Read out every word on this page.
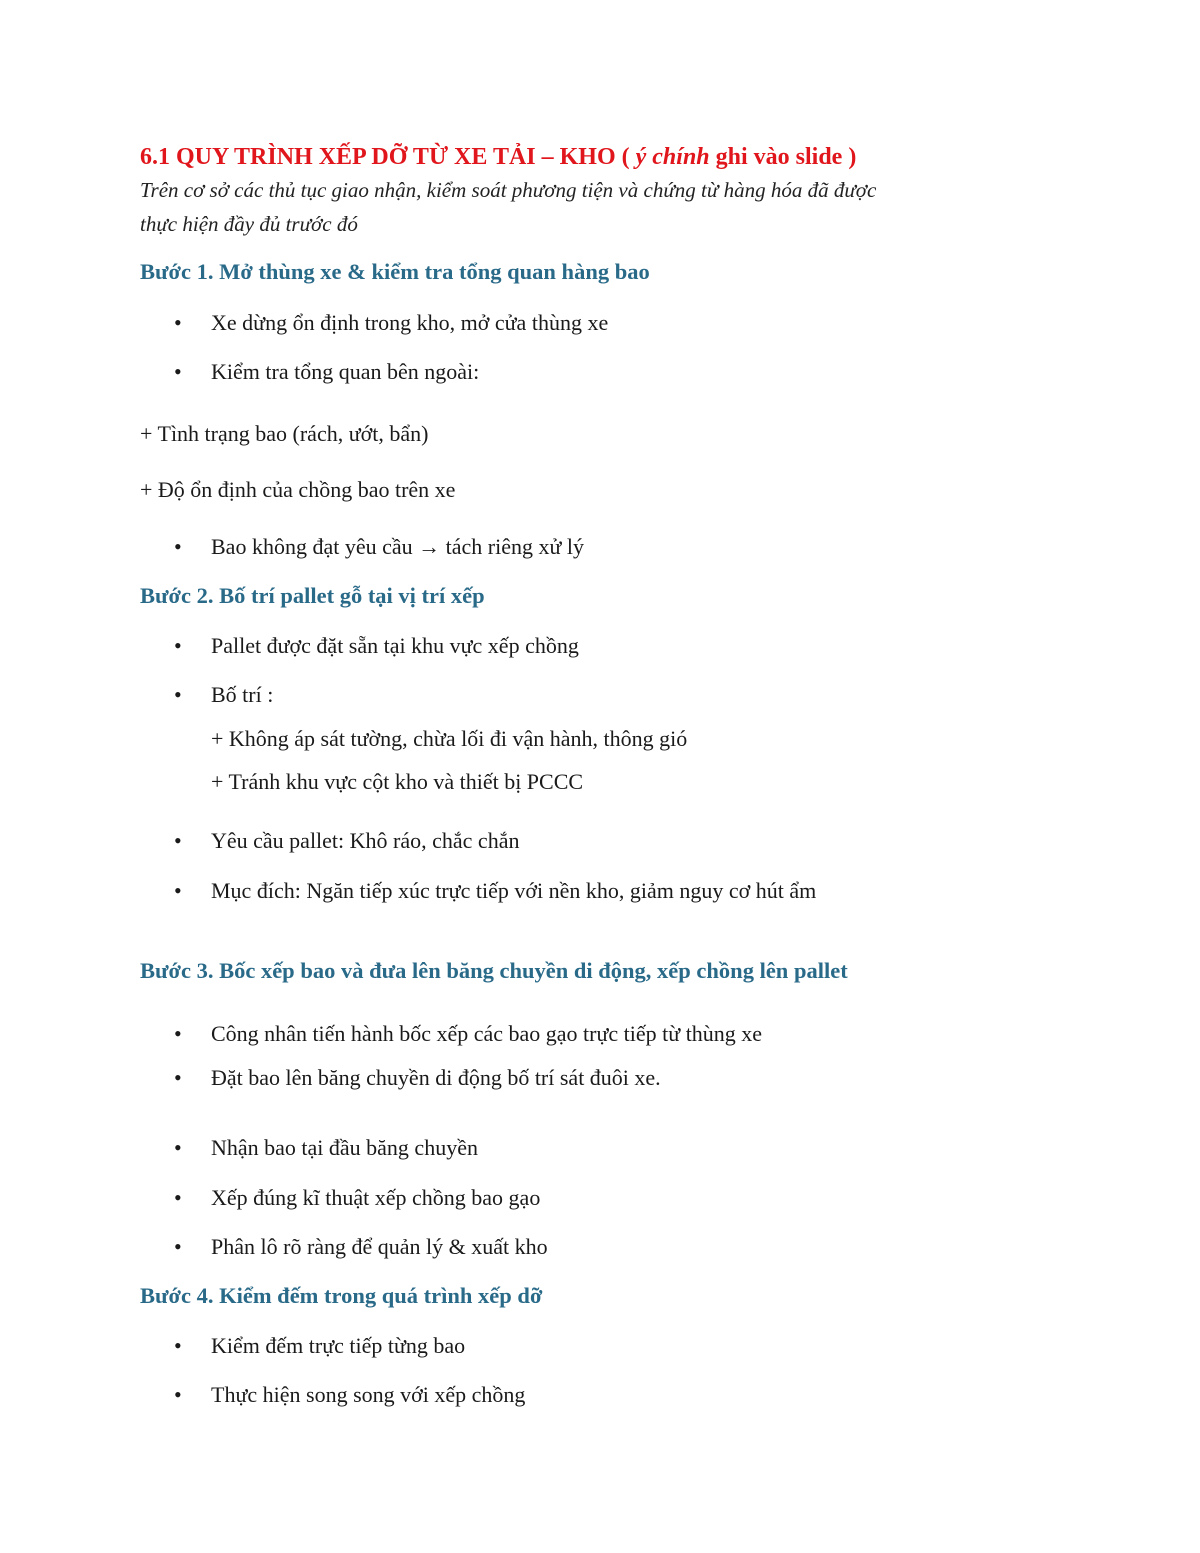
6.1 QUY TRÌNH XẾP DỠ TỪ XE TẢI – KHO ( ý chính ghi vào slide )
Trên cơ sở các thủ tục giao nhận, kiểm soát phương tiện và chứng từ hàng hóa đã được
thực hiện đầy đủ trước đó
Bước 1. Mở thùng xe & kiểm tra tổng quan hàng bao
• Xe dừng ổn định trong kho, mở cửa thùng xe
• Kiểm tra tổng quan bên ngoài:
+ Tình trạng bao (rách, ướt, bẩn)
+ Độ ổn định của chồng bao trên xe
• Bao không đạt yêu cầu → tách riêng xử lý
Bước 2. Bố trí pallet gỗ tại vị trí xếp
• Pallet được đặt sẵn tại khu vực xếp chồng
• Bố trí :
+ Không áp sát tường, chừa lối đi vận hành, thông gió
+ Tránh khu vực cột kho và thiết bị PCCC
• Yêu cầu pallet: Khô ráo, chắc chắn
• Mục đích: Ngăn tiếp xúc trực tiếp với nền kho, giảm nguy cơ hút ẩm
Bước 3. Bốc xếp bao và đưa lên băng chuyền di động, xếp chồng lên pallet
• Công nhân tiến hành bốc xếp các bao gạo trực tiếp từ thùng xe
• Đặt bao lên băng chuyền di động bố trí sát đuôi xe.
• Nhận bao tại đầu băng chuyền
• Xếp đúng kĩ thuật xếp chồng bao gạo
• Phân lô rõ ràng để quản lý & xuất kho
Bước 4. Kiểm đếm trong quá trình xếp dỡ
• Kiểm đếm trực tiếp từng bao
• Thực hiện song song với xếp chồng
